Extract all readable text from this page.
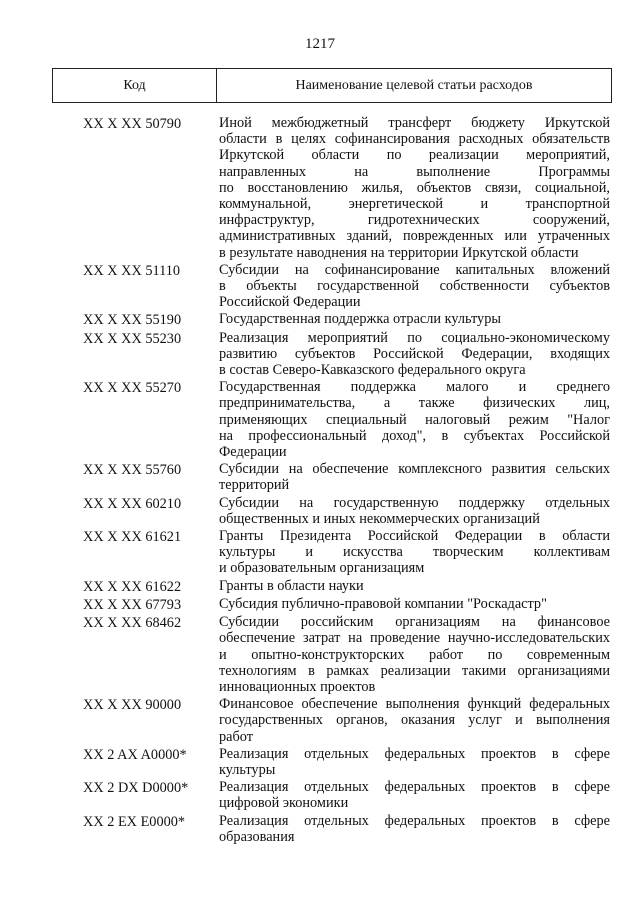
1217
Код	Наименование целевой статьи расходов
XX X XX 50790	Иной межбюджетный трансферт бюджету Иркутской
области в целях софинансирования расходных обязательств
Иркутской области по реализации мероприятий,
направленных на выполнение Программы
по восстановлению жилья, объектов связи, социальной,
коммунальной, энергетической и транспортной
инфраструктур, гидротехнических сооружений,
административных зданий, поврежденных или утраченных
в результате наводнения на территории Иркутской области
XX X XX 51110	Субсидии на софинансирование капитальных вложений
в объекты государственной собственности субъектов
Российской Федерации
XX X XX 55190	Государственная поддержка отрасли культуры
XX X XX 55230	Реализация мероприятий по социально-экономическому
развитию субъектов Российской Федерации, входящих
в состав Северо-Кавказского федерального округа
XX X XX 55270	Государственная поддержка малого и среднего
предпринимательства, а также физических лиц,
применяющих специальный налоговый режим "Налог
на профессиональный доход", в субъектах Российской
Федерации
XX X XX 55760	Субсидии на обеспечение комплексного развития сельских
территорий
XX X XX 60210	Субсидии на государственную поддержку отдельных
общественных и иных некоммерческих организаций
XX X XX 61621	Гранты Президента Российской Федерации в области
культуры и искусства творческим коллективам
и образовательным организациям
XX X XX 61622	Гранты в области науки
XX X XX 67793	Субсидия публично-правовой компании "Роскадастр"
XX X XX 68462	Субсидии российским организациям на финансовое
обеспечение затрат на проведение научно-исследовательских
и опытно-конструкторских работ по современным
технологиям в рамках реализации такими организациями
инновационных проектов
XX X XX 90000	Финансовое обеспечение выполнения функций федеральных
государственных органов, оказания услуг и выполнения
работ
XX 2 AX A0000*	Реализация отдельных федеральных проектов в сфере
культуры
XX 2 DX D0000*	Реализация отдельных федеральных проектов в сфере
цифровой экономики
XX 2 EX E0000*	Реализация отдельных федеральных проектов в сфере
образования
